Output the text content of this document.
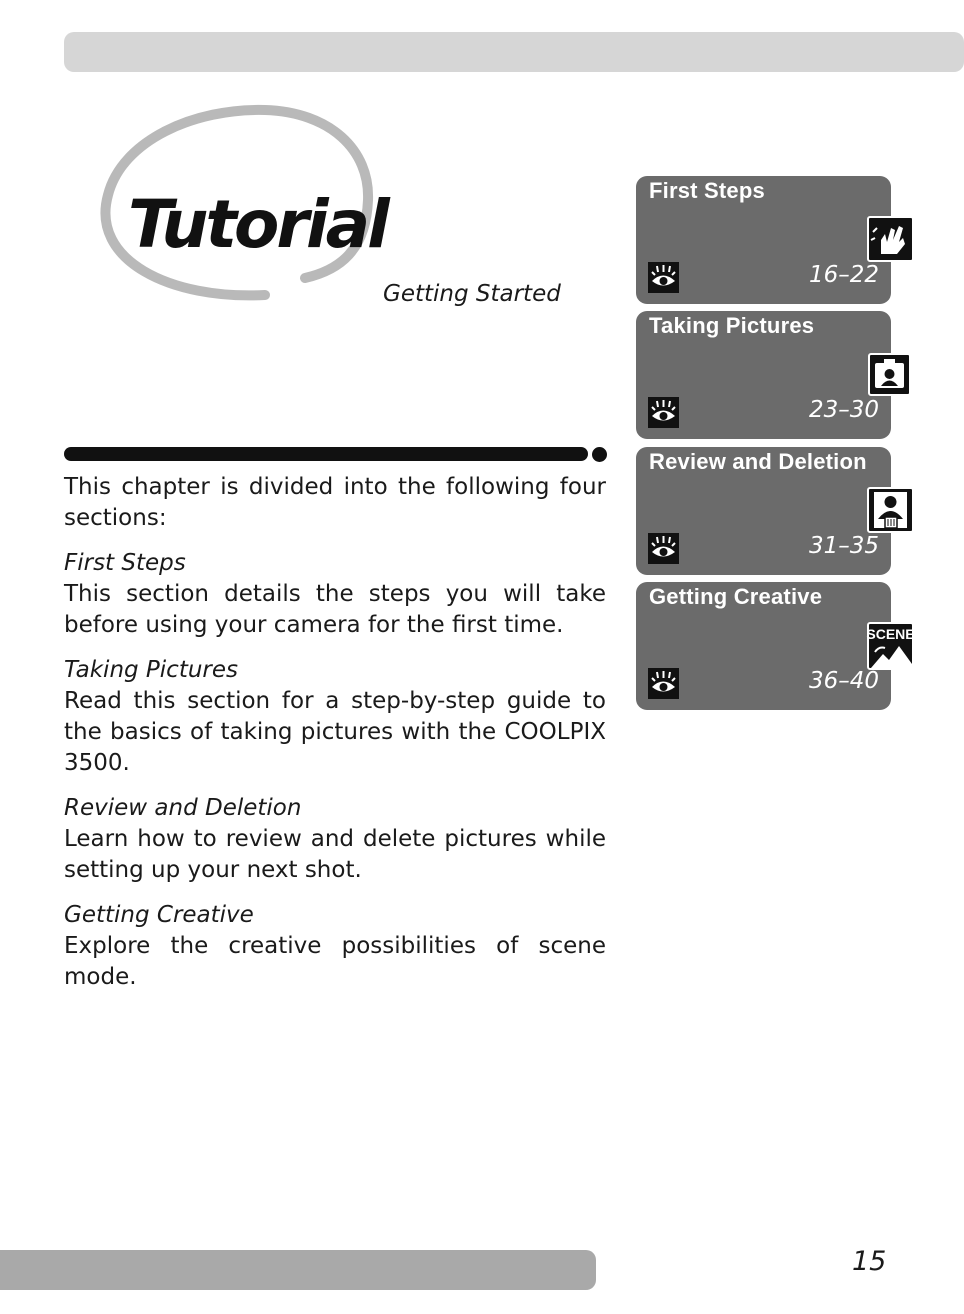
Tutorial
Getting Started

This chapter is divided into the following four sections:

First Steps

This section details the steps you will take before using your camera for the first time.

Taking Pictures

Read this section for a step-by-step guide to the basics of taking pictures with the COOLPIX 3500.

Review and Deletion

Learn how to review and delete pictures while setting up your next shot.

Getting Creative

Explore the creative possibilities of scene mode.

First Steps
16–22
Taking Pictures
23–30
Review and Deletion
31–35
Getting Creative
SCENE
36–40
15
